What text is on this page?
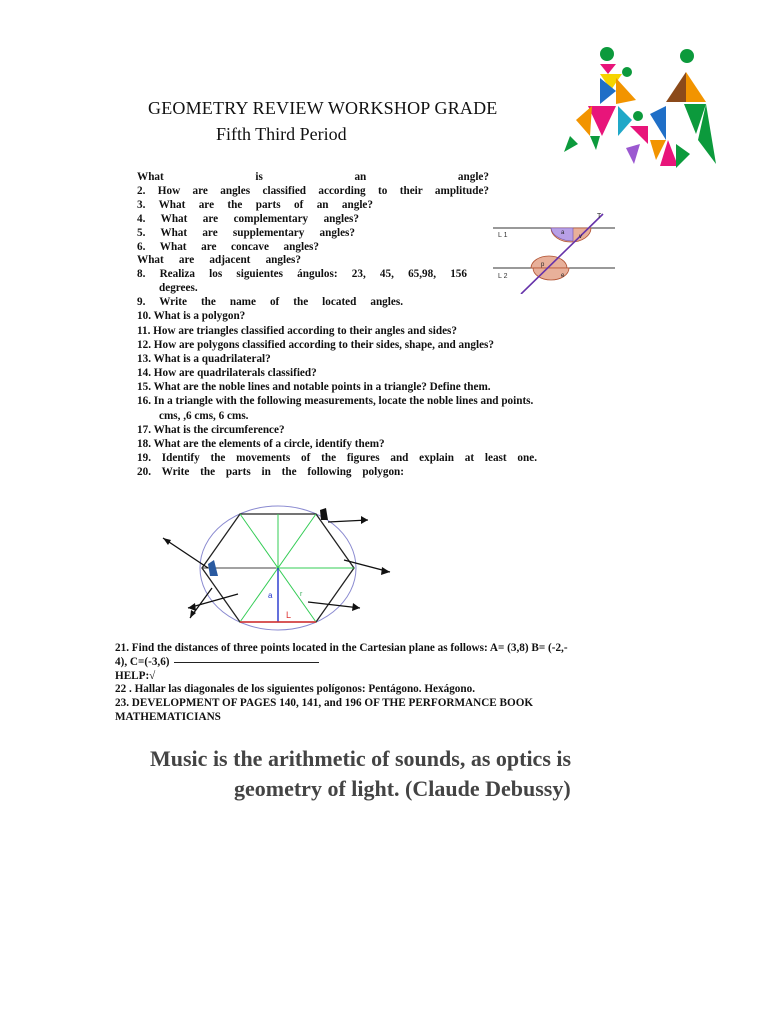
GEOMETRY REVIEW WORKSHOP GRADE
Fifth Third Period
What is an angle?
2. How are angles classified according to their amplitude?
3. What are the parts of an angle?
4. What are complementary angles?
5. What are supplementary angles?
6. What are concave angles?
What are adjacent angles?
8. Realiza los siguientes ángulos: 23, 45, 65,98, 156
degrees.
9. Write the name of the located angles.
10. What is a polygon?
L 1
L 2
T
a
v
p
e
11. How are triangles classified according to their angles and sides?
12. How are polygons classified according to their sides, shape, and angles?
13. What is a quadrilateral?
14. How are quadrilaterals classified?
15. What are the noble lines and notable points in a triangle? Define them.
16. In a triangle with the following measurements, locate the noble lines and points.
cms, ,6 cms, 6 cms.
17. What is the circumference?
18. What are the elements of a circle, identify them?
19. Identify the movements of the figures and explain at least one.
20. Write the parts in the following polygon:
a
L
r
21. Find the distances of three points located in the Cartesian plane as follows: A= (3,8) B= (-2,-
4), C=(-3,6)
HELP:√
22 . Hallar las diagonales de los siguientes polígonos: Pentágono. Hexágono.
23. DEVELOPMENT OF PAGES 140, 141, and 196 OF THE PERFORMANCE BOOK
MATHEMATICIANS
Music is the arithmetic of sounds, as optics is
geometry of light. (Claude Debussy)
